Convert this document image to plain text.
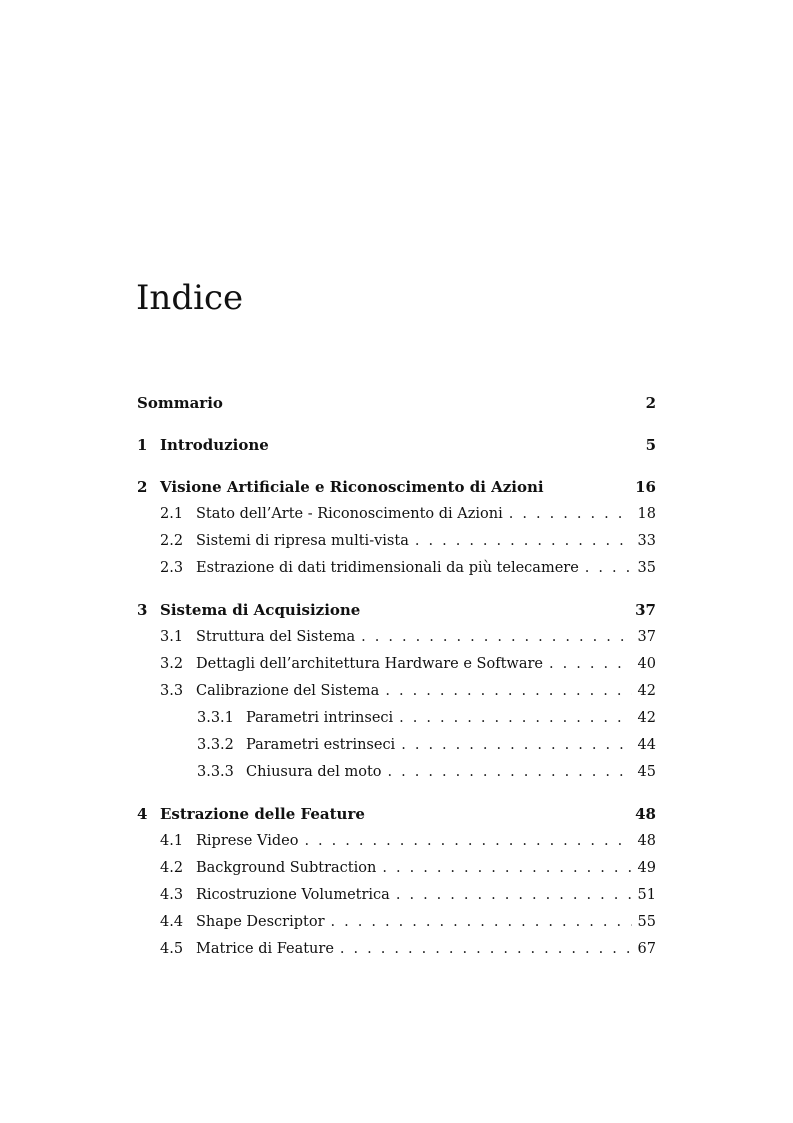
Indice
Sommario	2
1 Introduzione	5
2 Visione Artificiale e Riconoscimento di Azioni	16
2.1 Stato dell’Arte - Riconoscimento di Azioni . . .	18
2.2 Sistemi di ripresa multi-vista . . .	33
2.3 Estrazione di dati tridimensionali da più telecamere . . .	35
3 Sistema di Acquisizione	37
3.1 Struttura del Sistema . . .	37
3.2 Dettagli dell’architettura Hardware e Software . . .	40
3.3 Calibrazione del Sistema . . .	42
3.3.1 Parametri intrinseci . . .	42
3.3.2 Parametri estrinseci . . .	44
3.3.3 Chiusura del moto . . .	45
4 Estrazione delle Feature	48
4.1 Riprese Video . . .	48
4.2 Background Subtraction . . .	49
4.3 Ricostruzione Volumetrica . . .	51
4.4 Shape Descriptor . . .	55
4.5 Matrice di Feature . . .	67
